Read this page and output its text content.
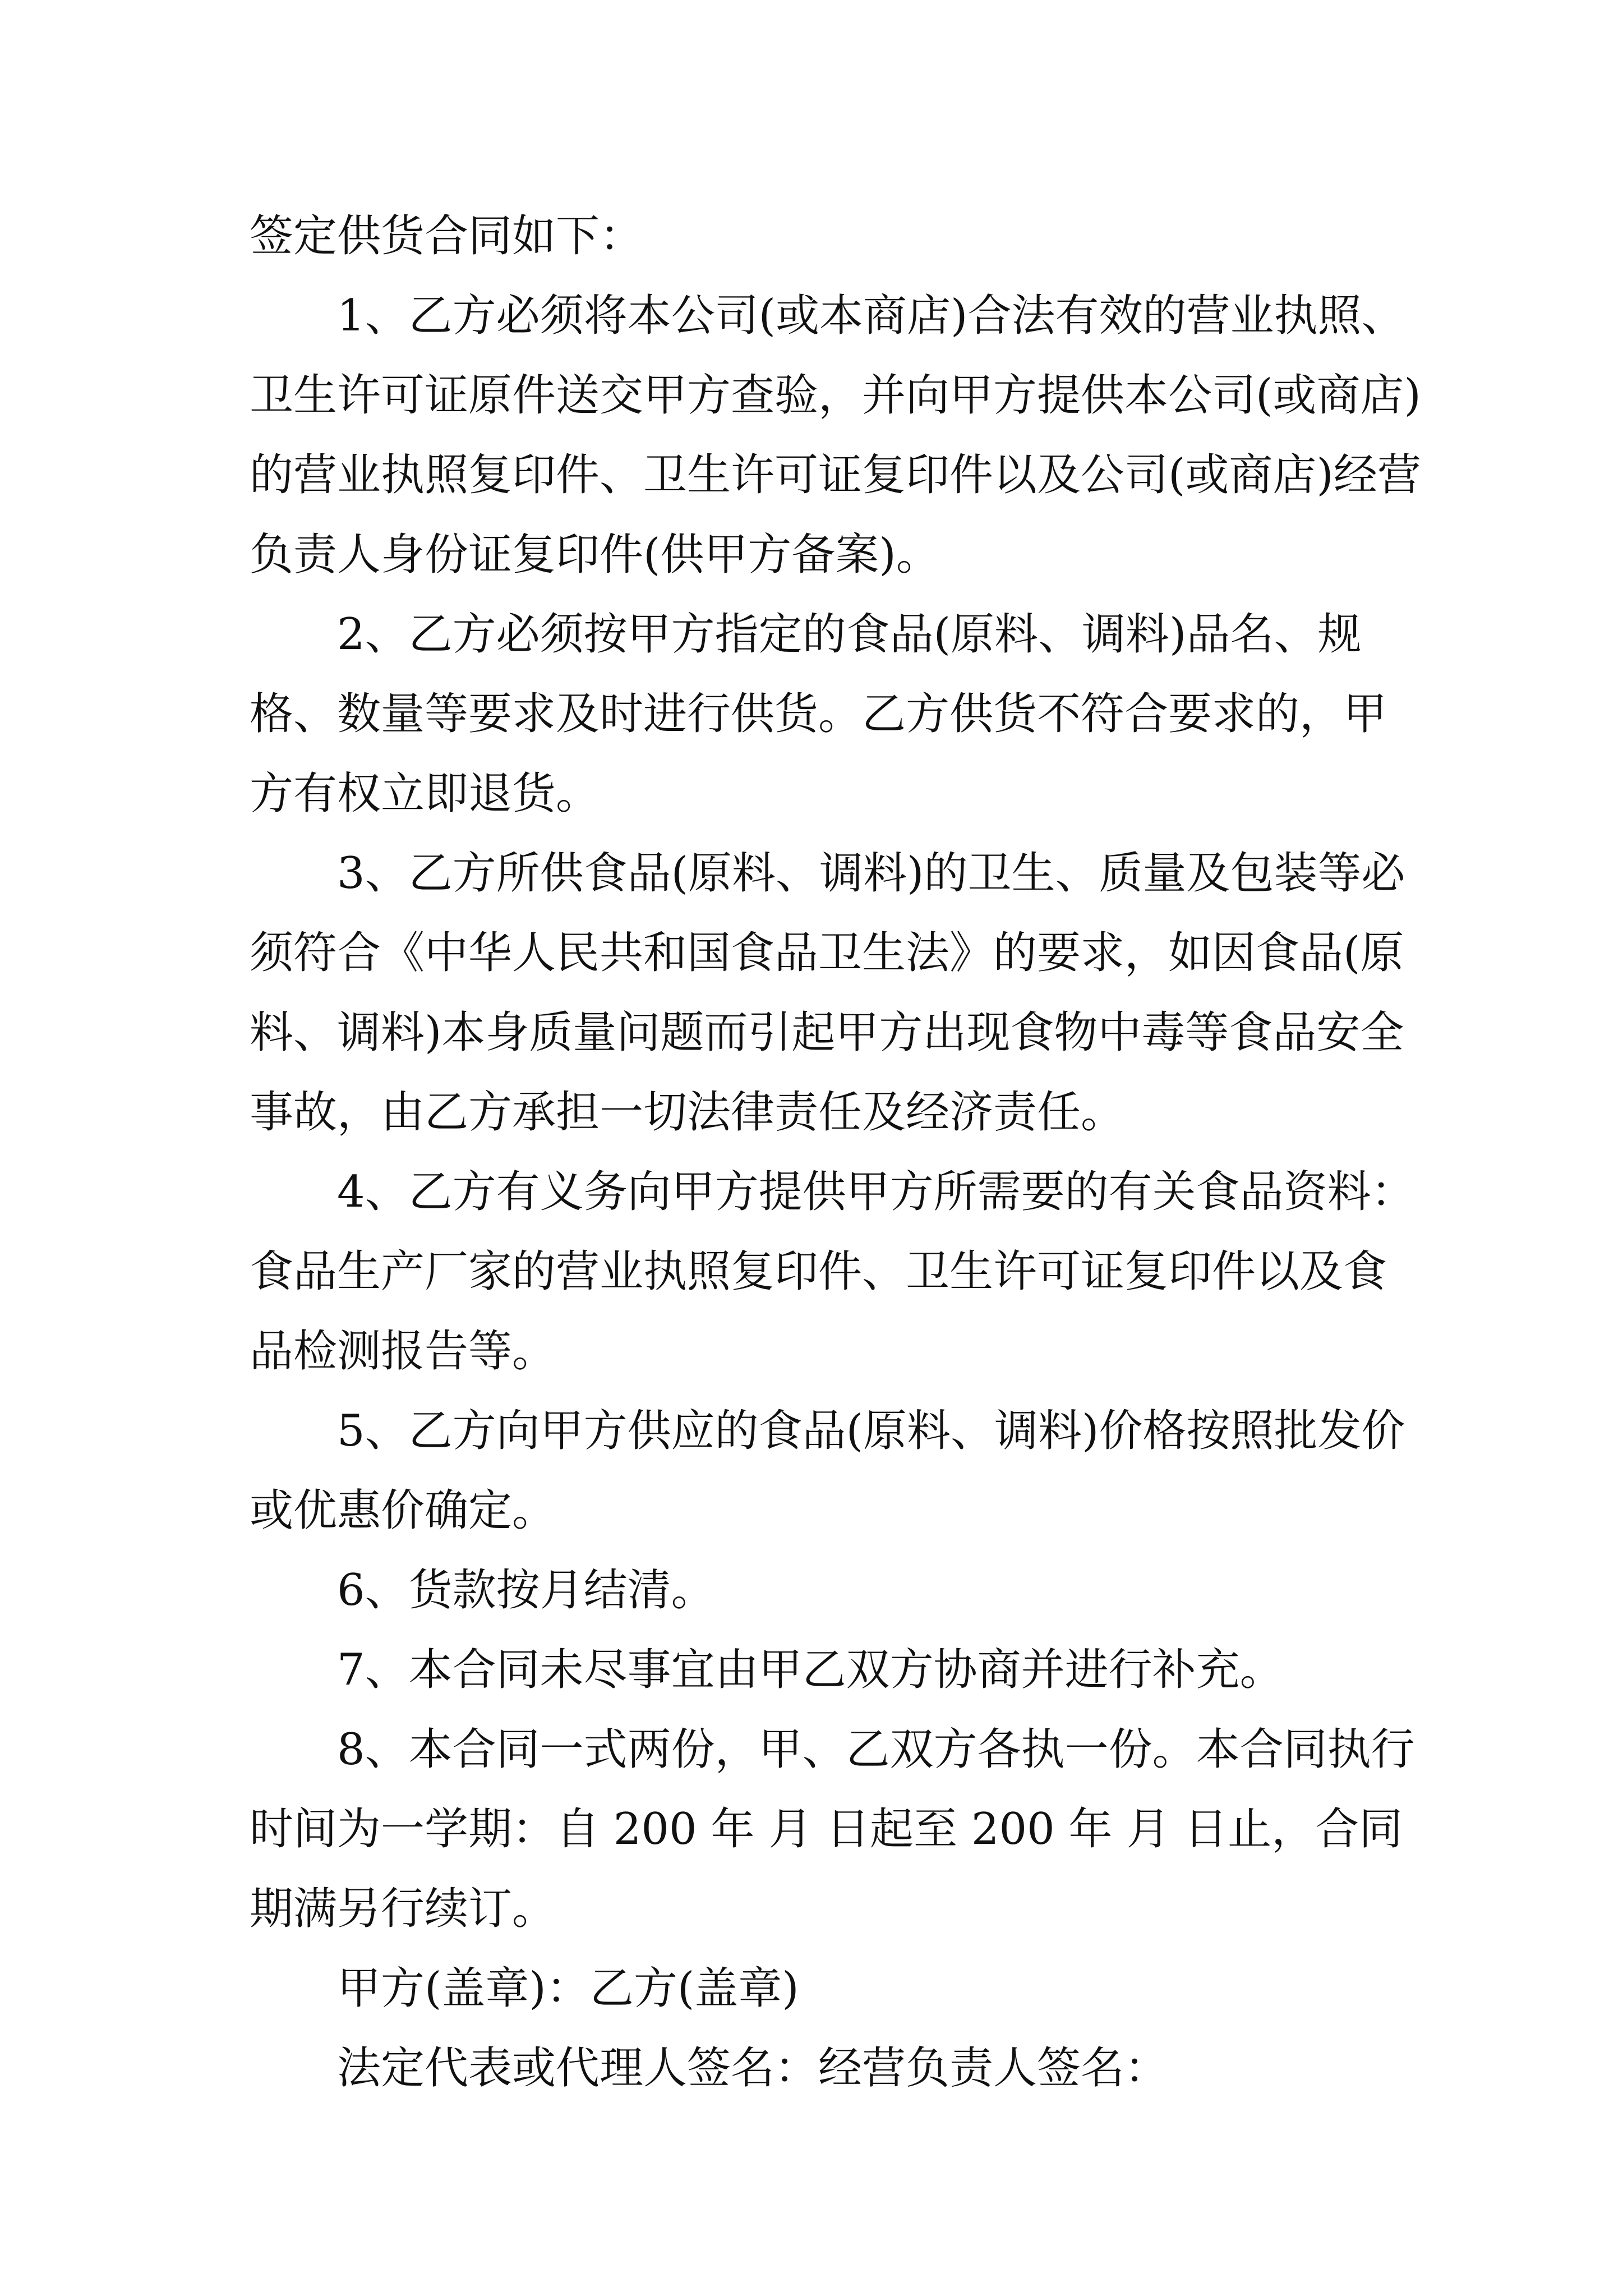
签定供货合同如下：

1、乙方必须将本公司(或本商店)合法有效的营业执照、卫生许可证原件送交甲方查验，并向甲方提供本公司(或商店)的营业执照复印件、卫生许可证复印件以及公司(或商店)经营负责人身份证复印件(供甲方备案)。

2、乙方必须按甲方指定的食品(原料、调料)品名、规格、数量等要求及时进行供货。乙方供货不符合要求的，甲方有权立即退货。

3、乙方所供食品(原料、调料)的卫生、质量及包装等必须符合《中华人民共和国食品卫生法》的要求，如因食品(原料、调料)本身质量问题而引起甲方出现食物中毒等食品安全事故，由乙方承担一切法律责任及经济责任。

4、乙方有义务向甲方提供甲方所需要的有关食品资料：食品生产厂家的营业执照复印件、卫生许可证复印件以及食品检测报告等。

5、乙方向甲方供应的食品(原料、调料)价格按照批发价或优惠价确定。

6、货款按月结清。

7、本合同未尽事宜由甲乙双方协商并进行补充。

8、本合同一式两份，甲、乙双方各执一份。本合同执行时间为一学期：自 200 年 月 日起至 200 年 月 日止，合同期满另行续订。

甲方(盖章)：乙方(盖章)

法定代表或代理人签名：经营负责人签名：
